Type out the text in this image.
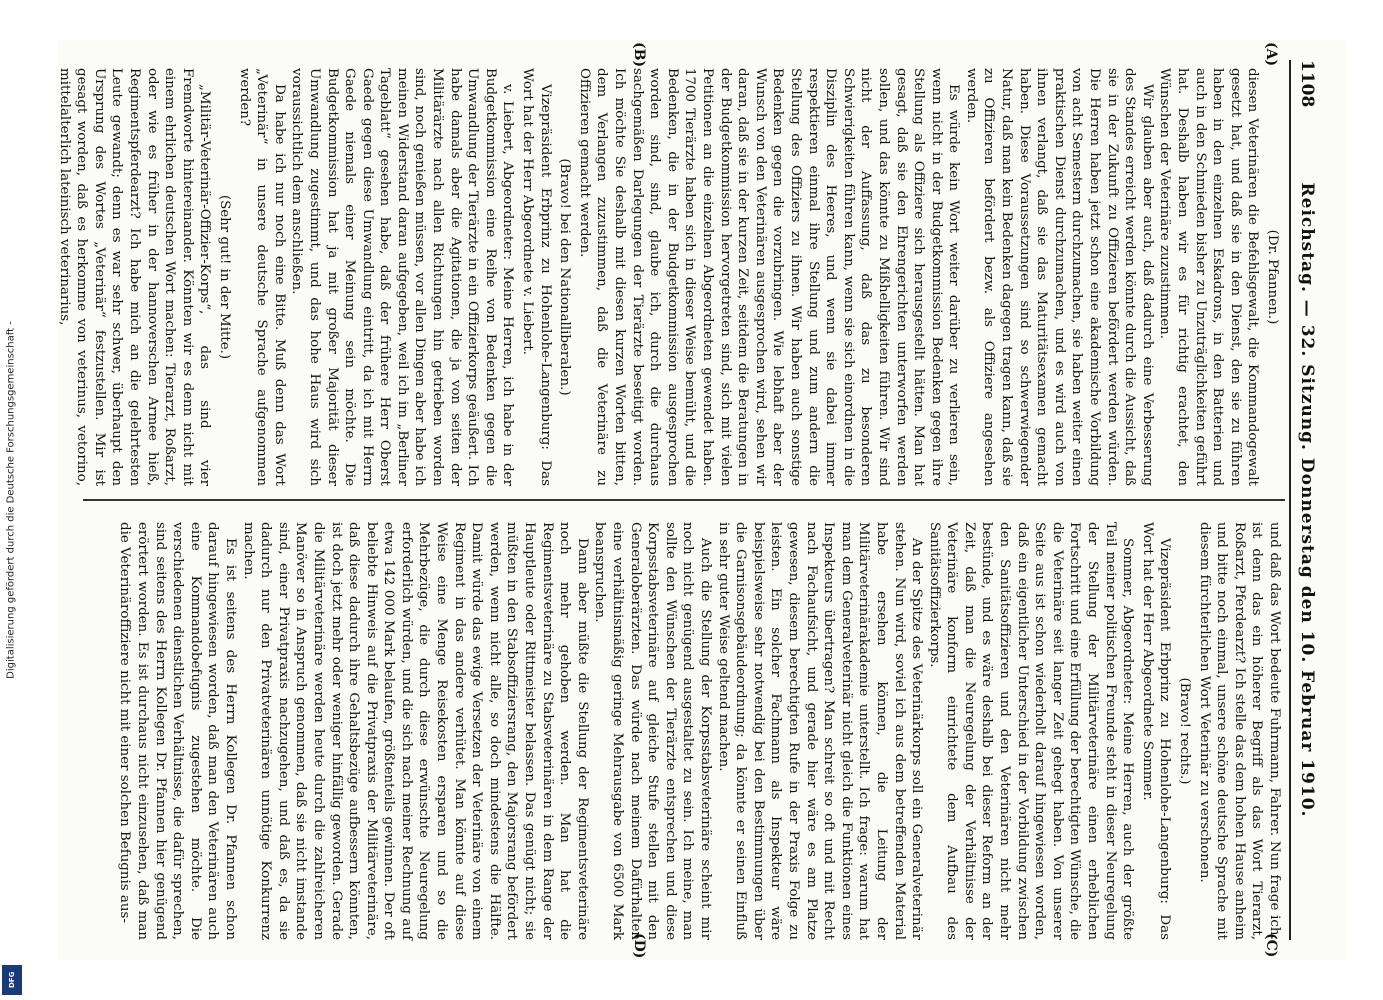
Digitalisierung gefördert durch die Deutsche Forschungsgemeinschaft -
DFG
1108
Reichstag. — 32. Sitzung. Donnerstag den 10. Februar 1910.
(A)
(B)
(C)
(D)

(Dr. Pfannen.)

diesen Veterinären die Befehlsgewalt, die Kommandogewalt gesetzt hat, und daß sie in den Dienst, den sie zu führen haben in den einzelnen Eskadrons, in den Batterien und auch in den Schmieden bisher zu Unzuträglichkeiten geführt hat. Deshalb haben wir es für richtig erachtet, den Wünschen der Veterinäre zuzustimmen.

Wir glauben aber auch, daß dadurch eine Verbesserung des Standes erreicht werden könnte durch die Aussicht, daß sie in der Zukunft zu Offizieren befördert werden würden. Die Herren haben jetzt schon eine akademische Vorbildung von acht Semestern durchzumachen, sie haben weiter einen praktischen Dienst durchzumachen, und es wird auch von ihnen verlangt, daß sie das Maturitätsexamen gemacht haben. Diese Voraussetzungen sind so schwerwiegender Natur, daß man kein Bedenken dagegen tragen kann, daß sie zu Offizieren befördert bezw. als Offiziere angesehen werden.

Es würde kein Wort weiter darüber zu verlieren sein, wenn nicht in der Budgetkommission Bedenken gegen ihre Stellung als Offiziere sich herausgestellt hätten. Man hat gesagt, daß sie den Ehrengerichten unterworfen werden sollen, und das könnte zu Mißhelligkeiten führen. Wir sind nicht der Auffassung, daß das zu besonderen Schwierigkeiten führen kann, wenn sie sich einordnen in die Disziplin des Heeres, und wenn sie dabei immer respektieren einmal ihre Stellung und zum andern die Stellung des Offiziers zu ihnen. Wir haben auch sonstige Bedenken gegen die vorzubringen. Wie lebhaft aber der Wunsch von den Veterinären ausgesprochen wird, sehen wir daran, daß sie in der kurzen Zeit, seitdem die Beratungen in der Budgetkommission hervorgetreten sind, sich mit vielen Petitionen an die einzelnen Abgeordneten gewendet haben. 1700 Tierärzte haben sich in dieser Weise bemüht, und die Bedenken, die in der Budgetkommission ausgesprochen worden sind, sind, glaube ich, durch die durchaus sachgemäßen Darlegungen der Tierärzte beseitigt worden. Ich möchte Sie deshalb mit diesen kurzen Worten bitten, dem Verlangen zuzustimmen, daß die Veterinäre zu Offizieren gemacht werden.

(Bravo! bei den Nationalliberalen.)

Vizepräsident Erbprinz zu Hohenlohe-Langenburg: Das Wort hat der Herr Abgeordnete v. Liebert.

v. Liebert, Abgeordneter: Meine Herren, ich habe in der Budgetkommission eine Reihe von Bedenken gegen die Umwandlung der Tierärzte in ein Offizierkorps geäußert. Ich habe damals aber die Agitationen, die ja von seiten der Militärärzte nach allen Richtungen hin getrieben worden sind, noch genießen müssen, vor allen Dingen aber habe ich meinen Widerstand daran aufgegeben, weil ich im „Berliner Tageblatt“ gesehen habe, daß der frühere Herr Oberst Gaede gegen diese Umwandlung eintritt, da ich mit Herrn Gaede niemals einer Meinung sein möchte. Die Budgetkommission hat ja mit großer Majorität dieser Umwandlung zugestimmt, und das hohe Haus wird sich voraussichtlich dem anschließen.

Da habe ich nur noch eine Bitte. Muß denn das Wort „Veterinär“ in unsere deutsche Sprache aufgenommen werden?

(Sehr gut! in der Mitte.)

„Militär-Veterinär-Offizier-Korps“, das sind vier Fremdworte hintereinander. Könnten wir es denn nicht mit einem ehrlichen deutschen Wort machen: Tierarzt, Roßarzt, oder wie es früher in der hannoverschen Armee hieß, Regimentspferdearzt? Ich habe mich an die gelehrtesten Leute gewandt; denn es war sehr schwer, überhaupt den Ursprung des Wortes „Veterinär“ festzustellen. Mir ist gesagt worden, daß es herkomme von veterinus, vetorino, mittelalterlich lateinisch veterinarius,

und daß das Wort bedeute Fuhrmann, Fahrer. Nun frage ich: ist denn das ein höherer Begriff als das Wort Tierarzt, Roßarzt, Pferdearzt? Ich stelle das dem hohen Hause anheim und bitte noch einmal, unsere schöne deutsche Sprache mit diesem fürchterlichen Wort Veterinär zu verschonen.

(Bravo! rechts.)

Vizepräsident Erbprinz zu Hohenlohe-Langenburg: Das Wort hat der Herr Abgeordnete Sommer.

Sommer, Abgeordneter: Meine Herren, auch der größte Teil meiner politischen Freunde steht in dieser Neuregelung der Stellung der Militärveterinäre einen erheblichen Fortschritt und eine Erfüllung der berechtigten Wünsche, die die Veterinäre seit langer Zeit gehegt haben. Von unserer Seite aus ist schon wiederholt darauf hingewiesen worden, daß ein eigentlicher Unterschied in der Vorbildung zwischen den Sanitätsoffizieren und den Veterinären nicht mehr bestünde, und es wäre deshalb bei dieser Reform an der Zeit, daß man die Neuregelung der Verhältnisse der Veterinäre konform einrichtete dem Aufbau des Sanitätsoffizierkorps.

An der Spitze des Veterinärkorps soll ein Generalveterinär stehen. Nun wird, soviel ich aus dem betreffenden Material habe ersehen können, die Leitung der Militärveterinärakademie unterstellt. Ich frage: warum hat man dem Generalveterinär nicht gleich die Funktionen eines Inspekteurs übertragen? Man schreit so oft und mit Recht nach Fachaufsicht, und gerade hier wäre es am Platze gewesen, diesem berechtigten Rufe in der Praxis Folge zu leisten. Ein solcher Fachmann als Inspekteur wäre beispielsweise sehr notwendig bei den Bestimmungen über die Garnisonsgebäudeordnung; da könnte er seinen Einfluß in sehr guter Weise geltend machen.

Auch die Stellung der Korpsstabsveterinäre scheint mir noch nicht genügend ausgestaltet zu sein. Ich meine, man sollte den Wünschen der Tierärzte entsprechen und diese Korpsstabsveterinäre auf gleiche Stufe stellen mit den Generaloberärzten. Das würde nach meinem Dafürhalten eine verhältnismäßig geringe Mehrausgabe von 6500 Mark beanspruchen.

Dann aber müßte die Stellung der Regimentsveterinäre noch mehr gehoben werden. Man hat die Regimentsveterinäre zu Stabsveterinären in dem Range der Hauptleute oder Rittmeister belassen. Das genügt nicht; sie müßten in den Stabsoffiziersrang, den Majorsrang befördert werden, wenn nicht alle, so doch mindestens die Hälfte. Damit würde das ewige Versetzen der Veterinäre von einem Regiment in das andere verhütet. Man könnte auf diese Weise eine Menge Reisekosten ersparen und so die Mehrbezüge, die durch diese erwünschte Neuregelung erforderlich würden, und die sich nach meiner Rechnung auf etwa 142 000 Mark belaufen, größtenteils gewinnen. Der oft beliebte Hinweis auf die Privatpraxis der Militärveterinäre, daß diese dadurch ihre Gehaltsbezüge aufbessern könnten, ist doch jetzt mehr oder weniger hinfällig geworden. Gerade die Militärveterinäre werden heute durch die zahlreicheren Manöver so in Anspruch genommen, daß sie nicht imstande sind, einer Privatpraxis nachzugehen, und daß es, da sie dadurch nur den Privatveterinären unnötige Konkurrenz machen.

Es ist seitens des Herrn Kollegen Dr. Pfannen schon darauf hingewiesen worden, daß man den Veterinären auch eine Kommandobefugnis zugestehen möchte. Die verschiedenen dienstlichen Verhältnisse, die dafür sprechen, sind seitens des Herrn Kollegen Dr. Pfannen hier genügend erörtert worden. Es ist durchaus nicht einzusehen, daß man die Veterinäroffiziere nicht mit einer solchen Befugnis aus-
